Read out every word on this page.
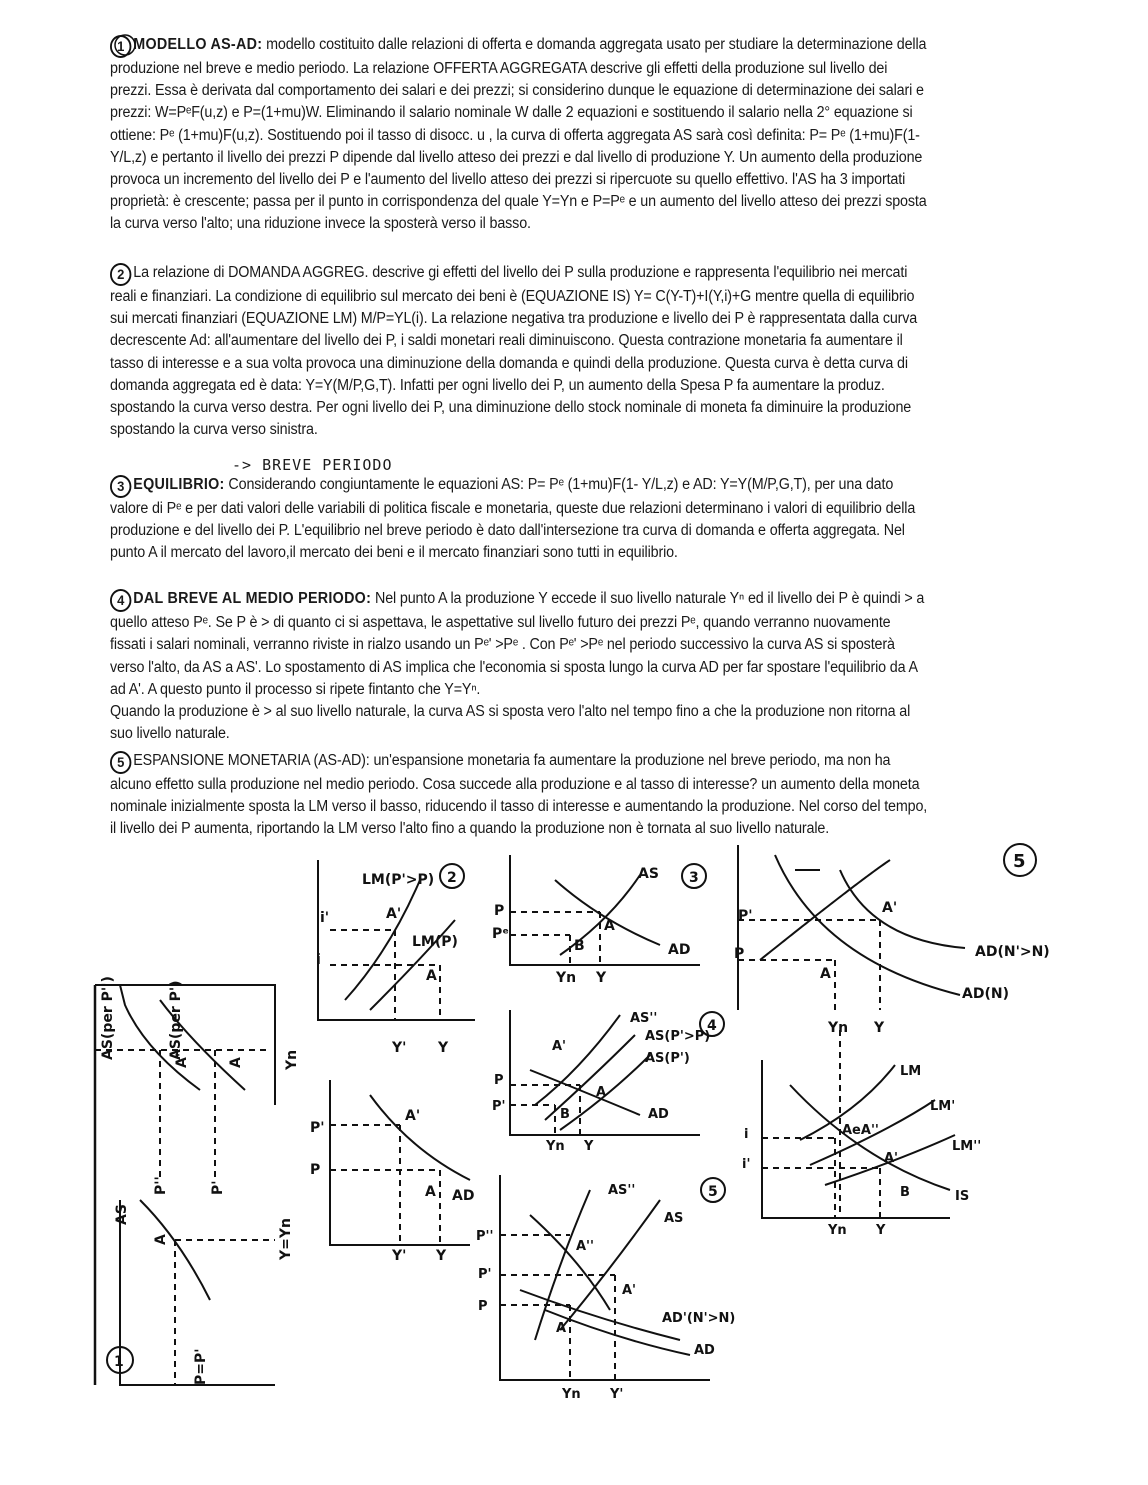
1 MODELLO AS-AD: modello costituito dalle relazioni di offerta e domanda aggregata usato per studiare la determinazione della produzione nel breve e medio periodo. La relazione OFFERTA AGGREGATA descrive gli effetti della produzione sul livello dei prezzi. Essa è derivata dal comportamento dei salari e dei prezzi; si considerino dunque le equazione di determinazione dei salari e prezzi: W=PᵉF(u,z) e P=(1+mu)W. Eliminando il salario nominale W dalle 2 equazioni e sostituendo il salario nella 2° equazione si ottiene: Pᵉ (1+mu)F(u,z). Sostituendo poi il tasso di disocc. u , la curva di offerta aggregata AS sarà così definita: P= Pᵉ (1+mu)F(1- Y/L,z) e pertanto il livello dei prezzi P dipende dal livello atteso dei prezzi e dal livello di produzione Y. Un aumento della produzione provoca un incremento del livello dei P e l'aumento del livello atteso dei prezzi si ripercuote su quello effettivo. l'AS ha 3 importati proprietà: è crescente; passa per il punto in corrispondenza del quale Y=Yn e P=Pᵉ e un aumento del livello atteso dei prezzi sposta la curva verso l'alto; una riduzione invece la sposterà verso il basso.
2 La relazione di DOMANDA AGGREG. descrive gi effetti del livello dei P sulla produzione e rappresenta l'equilibrio nei mercati reali e finanziari. La condizione di equilibrio sul mercato dei beni è (EQUAZIONE IS) Y= C(Y-T)+I(Y,i)+G mentre quella di equilibrio sui mercati finanziari (EQUAZIONE LM) M/P=YL(i). La relazione negativa tra produzione e livello dei P è rappresentata dalla curva decrescente Ad: all'aumentare del livello dei P, i saldi monetari reali diminuiscono. Questa contrazione monetaria fa aumentare il tasso di interesse e a sua volta provoca una diminuzione della domanda e quindi della produzione. Questa curva è detta curva di domanda aggregata ed è data: Y=Y(M/P,G,T). Infatti per ogni livello dei P, un aumento della Spesa P fa aumentare la produz. spostando la curva verso destra. Per ogni livello dei P, una diminuzione dello stock nominale di moneta fa diminuire la produzione spostando la curva verso sinistra.
-> BREVE PERIODO
3 EQUILIBRIO: Considerando congiuntamente le equazioni AS: P= Pᵉ (1+mu)F(1- Y/L,z) e AD: Y=Y(M/P,G,T), per una dato valore di Pᵉ e per dati valori delle variabili di politica fiscale e monetaria, queste due relazioni determinano i valori di equilibrio della produzione e del livello dei P. L'equilibrio nel breve periodo è dato dall'intersezione tra curva di domanda e offerta aggregata. Nel punto A il mercato del lavoro,il mercato dei beni e il mercato finanziari sono tutti in equilibrio.

4 DAL BREVE AL MEDIO PERIODO: Nel punto A la produzione Y eccede il suo livello naturale Yⁿ ed il livello dei P è quindi > a quello atteso Pᵉ. Se P è > di quanto ci si aspettava, le aspettative sul livello futuro dei prezzi Pᵉ, quando verranno nuovamente fissati i salari nominali, verranno riviste in rialzo usando un Pᵉ' >Pᵉ . Con Pᵉ' >Pᵉ nel periodo successivo la curva AS si sposterà verso l'alto, da AS a AS'. Lo spostamento di AS implica che l'economia si sposta lungo la curva AD per far spostare l'equilibrio da A ad A'. A questo punto il processo si ripete fintanto che Y=Yⁿ.
Quando la produzione è > al suo livello naturale, la curva AS si sposta vero l'alto nel tempo fino a che la produzione non ritorna al suo livello naturale.

5 ESPANSIONE MONETARIA (AS-AD): un'espansione monetaria fa aumentare la produzione nel breve periodo, ma non ha alcuno effetto sulla produzione nel medio periodo. Cosa succede alla produzione e al tasso di interesse? un aumento della moneta nominale inizialmente sposta la LM verso il basso, riducendo il tasso di interesse e aumentando la produzione. Nel corso del tempo, il livello dei P aumenta, riportando la LM verso l'alto fino a quando la produzione non è tornata al suo livello naturale.
AS(per P'')	AS(per P')	Yn
P''	P'
A
A'
AS
A
P=P'
Y=Yn
1
LM(P'>P)
LM(P)
i'
i
A'
A
Y' Y
2
P'
P
A'
A AD
Y' Y
AS
P
Pᵉ	A
B	AD
Yn Y
3
AS''
AS(P'>P)
AS(P')
P
P'
A'
A
B	AD
Yn Y
4
AS''
AS
P''
P'
P
A''
A'
A
AD'(N'>N)
AD
Yn Y'
5
P'
P
A'
A
AD(N'>N)
AD(N)
Yn Y
5
LM
LM'
LM''
i
i'
AeA''
A'
B	IS
Yn Y
